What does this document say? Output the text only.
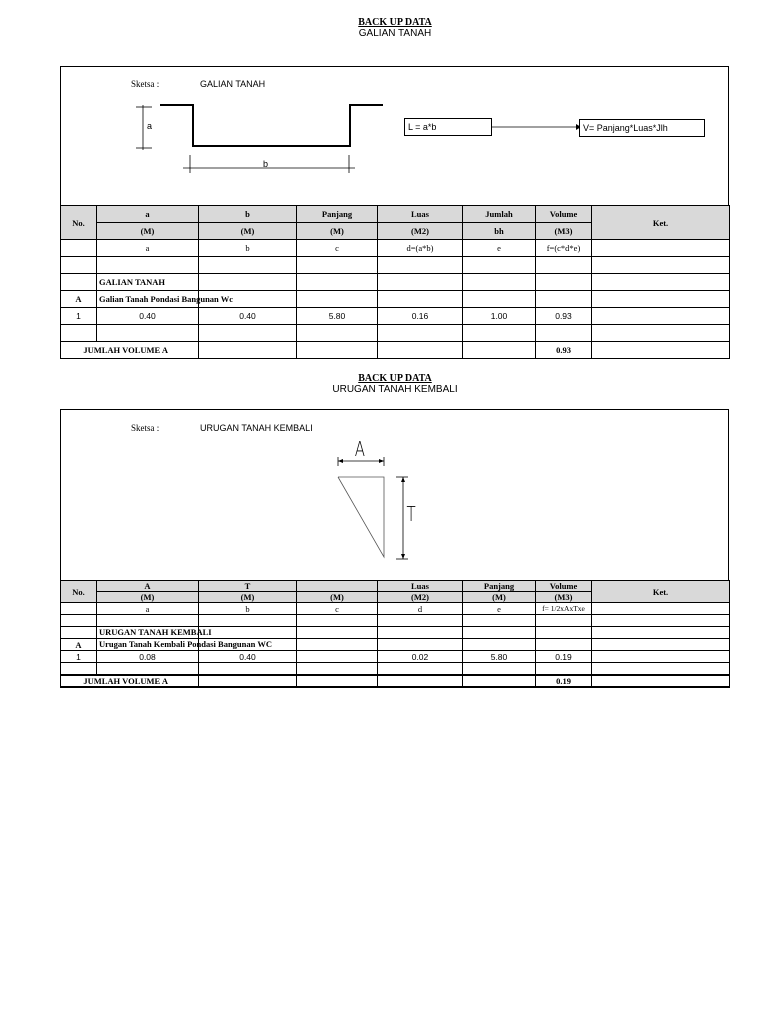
BACK UP DATA
GALIAN TANAH
Sketsa :	GALIAN TANAH
a
b
L = a*b	V= Panjang*Luas*Jlh
No.	a	b	Panjang	Luas	Jumlah	Volume	Ket.
	(M)	(M)	(M)	(M2)	bh	(M3)	
	a	b	c	d=(a*b)	e	f=(c*d*e)	

	GALIAN TANAH						
A	Galian Tanah Pondasi Bangunan Wc						

1	0.40	0.40	5.80	0.16	1.00	0.93	

JUMLAH VOLUME A						0.93	
BACK UP DATA
URUGAN TANAH KEMBALI
Sketsa :	URUGAN TANAH KEMBALI
A
T
No.	A	T		Luas	Panjang	Volume	Ket.
	(M)	(M)	(M)	(M2)	(M)	(M3)	
	a	b	c	d	e	f= 1/2xAxTxe	

	URUGAN TANAH KEMBALI						

A	Urugan Tanah Kembali Pondasi Bangunan WC						

1	0.08	0.40		0.02	5.80	0.19	

JUMLAH VOLUME A						0.19	
